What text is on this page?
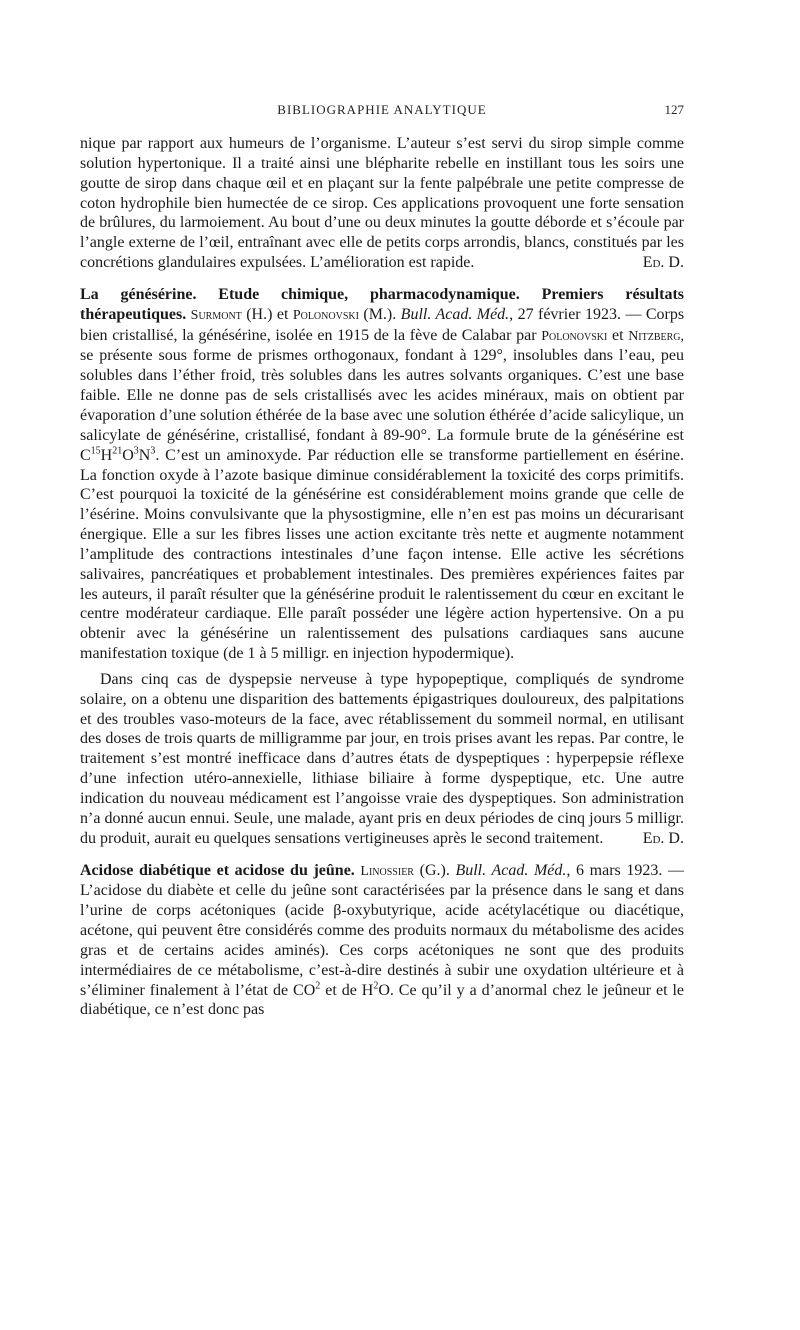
BIBLIOGRAPHIE ANALYTIQUE	127

nique par rapport aux humeurs de l’organisme. L’auteur s’est servi du sirop simple comme solution hypertonique. Il a traité ainsi une blépharite rebelle en instillant tous les soirs une goutte de sirop dans chaque œil et en plaçant sur la fente palpébrale une petite compresse de coton hydrophile bien humectée de ce sirop. Ces applications provoquent une forte sensation de brûlures, du larmoiement. Au bout d’une ou deux minutes la goutte déborde et s’écoule par l’angle externe de l’œil, entraînant avec elle de petits corps arrondis, blancs, constitués par les concrétions glandulaires expulsées. L’amélioration est rapide.	Ed. D.

La génésérine. Etude chimique, pharmacodynamique. Premiers résultats thérapeutiques. Surmont (H.) et Polonovski (M.). Bull. Acad. Méd., 27 février 1923. — Corps bien cristallisé, la génésérine, isolée en 1915 de la fève de Calabar par Polonovski et Nitzberg, se présente sous forme de prismes orthogonaux, fondant à 129°, insolubles dans l’eau, peu solubles dans l’éther froid, très solubles dans les autres solvants organiques. C’est une base faible. Elle ne donne pas de sels cristallisés avec les acides minéraux, mais on obtient par évaporation d’une solution éthérée de la base avec une solution éthérée d’acide salicylique, un salicylate de génésérine, cristallisé, fondant à 89-90°. La formule brute de la génésérine est $C^{15}H^{21}O^3N^3$. C’est un aminoxyde. Par réduction elle se transforme partiellement en ésérine. La fonction oxyde à l’azote basique diminue considérablement la toxicité des corps primitifs. C’est pourquoi la toxicité de la génésérine est considérablement moins grande que celle de l’ésérine. Moins convulsivante que la physostigmine, elle n’en est pas moins un décurarisant énergique. Elle a sur les fibres lisses une action excitante très nette et augmente notamment l’amplitude des contractions intestinales d’une façon intense. Elle active les sécrétions salivaires, pancréatiques et probablement intestinales. Des premières expériences faites par les auteurs, il paraît résulter que la génésérine produit le ralentissement du cœur en excitant le centre modérateur cardiaque. Elle paraît posséder une légère action hypertensive. On a pu obtenir avec la génésérine un ralentissement des pulsations cardiaques sans aucune manifestation toxique (de 1 à 5 milligr. en injection hypodermique).

Dans cinq cas de dyspepsie nerveuse à type hypopeptique, compliqués de syndrome solaire, on a obtenu une disparition des battements épigastriques douloureux, des palpitations et des troubles vaso-moteurs de la face, avec rétablissement du sommeil normal, en utilisant des doses de trois quarts de milligramme par jour, en trois prises avant les repas. Par contre, le traitement s’est montré inefficace dans d’autres états de dyspeptiques : hyperpepsie réflexe d’une infection utéro-annexielle, lithiase biliaire à forme dyspeptique, etc. Une autre indication du nouveau médicament est l’angoisse vraie des dyspeptiques. Son administration n’a donné aucun ennui. Seule, une malade, ayant pris en deux périodes de cinq jours 5 milligr. du produit, aurait eu quelques sensations vertigineuses après le second traitement.	Ed. D.

Acidose diabétique et acidose du jeûne. Linossier (G.). Bull. Acad. Méd., 6 mars 1923. — L’acidose du diabète et celle du jeûne sont caractérisées par la présence dans le sang et dans l’urine de corps acétoniques (acide β-oxybutyrique, acide acétylacétique ou diacétique, acétone, qui peuvent être considérés comme des produits normaux du métabolisme des acides gras et de certains acides aminés). Ces corps acétoniques ne sont que des produits intermédiaires de ce métabolisme, c’est-à-dire destinés à subir une oxydation ultérieure et à s’éliminer finalement à l’état de $CO^2$ et de $H^2O$. Ce qu’il y a d’anormal chez le jeûneur et le diabétique, ce n’est donc pas
